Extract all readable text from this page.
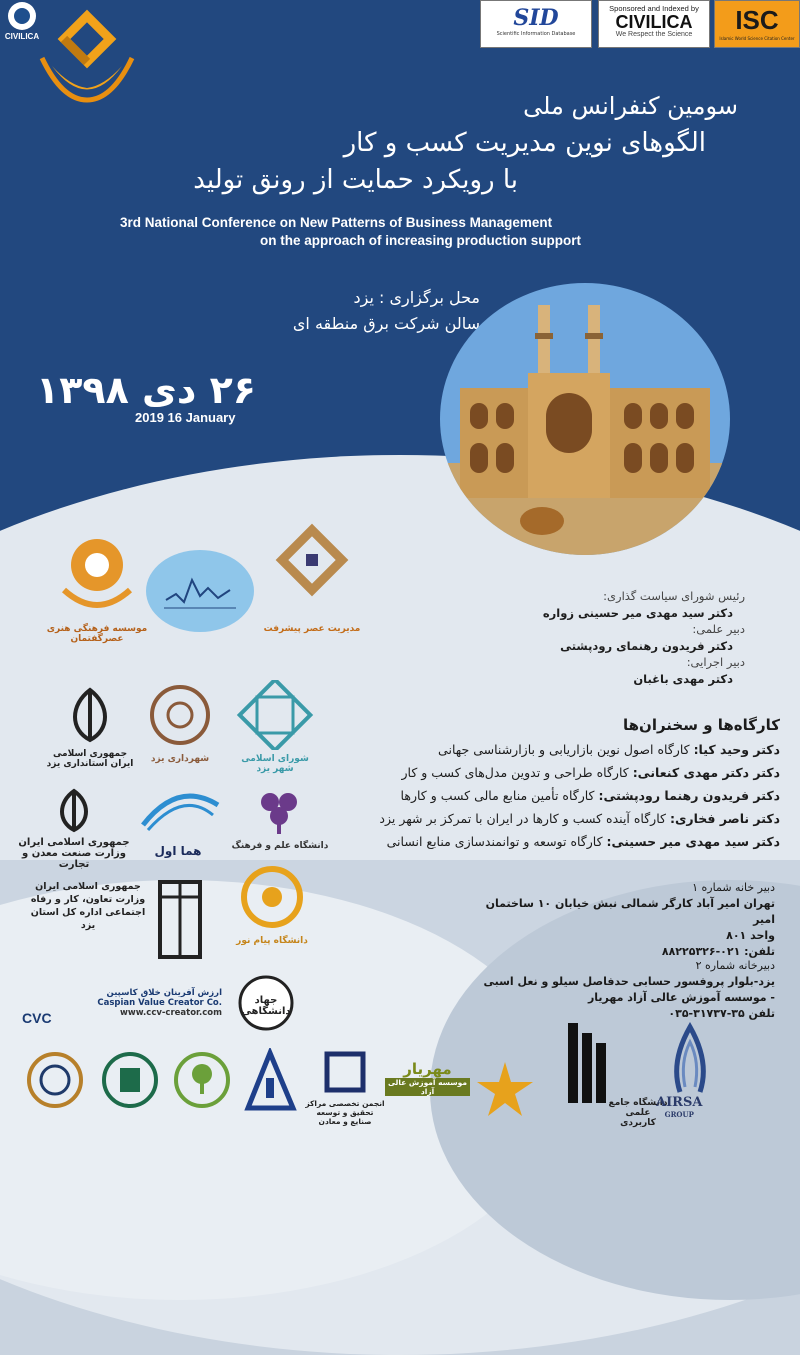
CIVILICA
SID
Scientific Information Database
Sponsored and Indexed by
CIVILICA
We Respect the Science	ISC
Islamic World Science Citation Center
سومین کنفرانس ملی
الگوهای نوین مدیریت کسب و کار
با رویکرد حمایت از رونق تولید
3rd National Conference on New Patterns of Business Management
on the approach of increasing production support
محل برگزاری : یزد
سالن شرکت برق منطقه ای
۲۶ دی ۱۳۹۸
2019 16 January
موسسه فرهنگی هنری عصرگفتمان
مدیریت عصر پیشرفت
رئیس شورای سیاست گذاری:
دکتر سید مهدی میر حسینی زواره
دبیر علمی:
دکتر فریدون رهنمای رودپشتی
دبیر اجرایی:
دکتر مهدی باغبان
کارگاه‌ها و سخنران‌ها
دکتر وحید کیا: کارگاه اصول نوین بازاریابی و بازارشناسی جهانی
دکتر دکتر مهدی کنعانی: کارگاه طراحی و تدوین مدل‌های کسب و کار
دکتر فریدون رهنما رودپشتی: کارگاه تأمین منابع مالی کسب و کارها
دکتر ناصر فخاری: کارگاه آینده کسب و کارها در ایران با تمرکز بر شهر یزد
دکتر سید مهدی میر حسینی: کارگاه توسعه و توانمندسازی منابع انسانی
دبیر خانه شماره ۱
تهران امیر آباد کارگر شمالی نبش خیابان ۱۰ ساختمان امیر
واحد ۸۰۱
تلفن: ۰۲۱-۸۸۲۲۵۳۲۶
دبیرخانه شماره ۲
یزد-بلوار پروفسور حسابی حدفاصل سیلو و نعل اسبی
- موسسه آموزش عالی آزاد مهریار
تلفن ۳۵-۳۱۷۳۷-۰۳۵
جمهوری اسلامی ایران استانداری یزد	شهرداری یزد	شورای اسلامی شهر یزد
جمهوری اسلامی ایران وزارت صنعت معدن و تجارت
هما اول	دانشگاه علم و فرهنگ
جمهوری اسلامی ایران وزارت تعاون، کار و رفاه اجتماعی اداره کل استان یزد
دانشگاه پیام نور
جهاد دانشگاهی
ارزش آفرینان خلاق کاسپین
Caspian Value Creator Co.
www.ccv-creator.com
CVC
انجمن تخصصی مراکز تحقیق و توسعه صنایع و معادن
مهریار
موسسه آموزش عالی آزاد
دانشگاه جامع علمی کاربردی
AIRSA
GROUP
